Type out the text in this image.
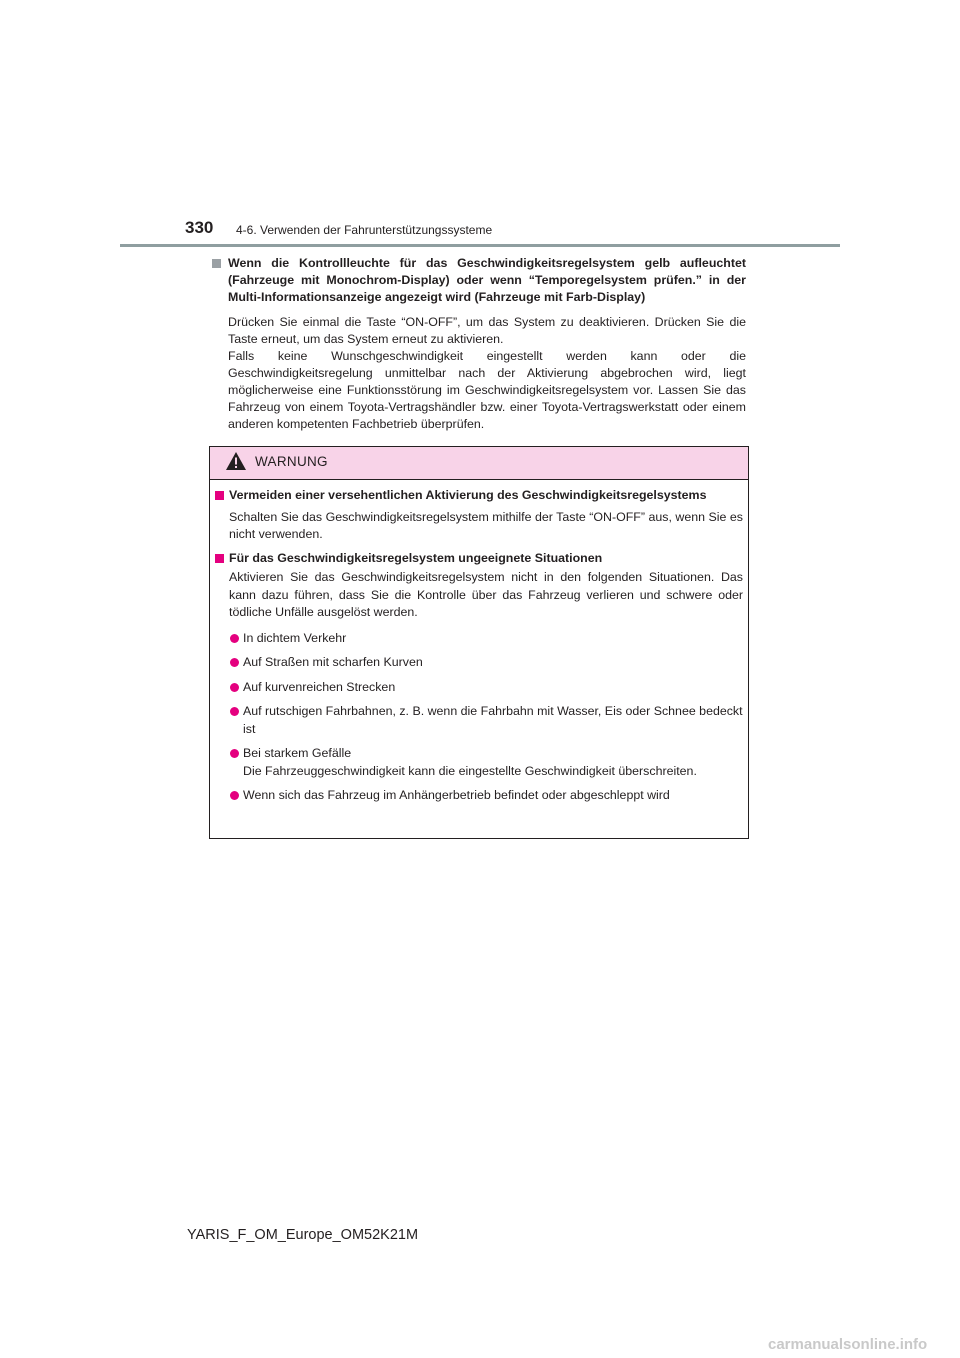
330 4-6. Verwenden der Fahrunterstützungssysteme

Wenn die Kontrollleuchte für das Geschwindigkeitsregelsystem gelb aufleuchtet (Fahrzeuge mit Monochrom-Display) oder wenn “Temporegelsystem prüfen.” in der Multi-Informationsanzeige angezeigt wird (Fahrzeuge mit Farb-Display)

Drücken Sie einmal die Taste “ON-OFF”, um das System zu deaktivieren. Drücken Sie die Taste erneut, um das System erneut zu aktivieren.
Falls keine Wunschgeschwindigkeit eingestellt werden kann oder die Geschwindigkeitsregelung unmittelbar nach der Aktivierung abgebrochen wird, liegt möglicherweise eine Funktionsstörung im Geschwindigkeitsregelsystem vor. Lassen Sie das Fahrzeug von einem Toyota-Vertragshändler bzw. einer Toyota-Vertragswerkstatt oder einem anderen kompetenten Fachbetrieb überprüfen.
WARNUNG

Vermeiden einer versehentlichen Aktivierung des Geschwindigkeitsregelsystems

Schalten Sie das Geschwindigkeitsregelsystem mithilfe der Taste “ON-OFF” aus, wenn Sie es nicht verwenden.

Für das Geschwindigkeitsregelsystem ungeeignete Situationen

Aktivieren Sie das Geschwindigkeitsregelsystem nicht in den folgenden Situationen. Das kann dazu führen, dass Sie die Kontrolle über das Fahrzeug verlieren und schwere oder tödliche Unfälle ausgelöst werden.
In dichtem Verkehr
Auf Straßen mit scharfen Kurven
Auf kurvenreichen Strecken
Auf rutschigen Fahrbahnen, z. B. wenn die Fahrbahn mit Wasser, Eis oder Schnee bedeckt ist
Bei starkem Gefälle
Die Fahrzeuggeschwindigkeit kann die eingestellte Geschwindigkeit überschreiten.
Wenn sich das Fahrzeug im Anhängerbetrieb befindet oder abgeschleppt wird
YARIS_F_OM_Europe_OM52K21M
carmanualsonline.info
